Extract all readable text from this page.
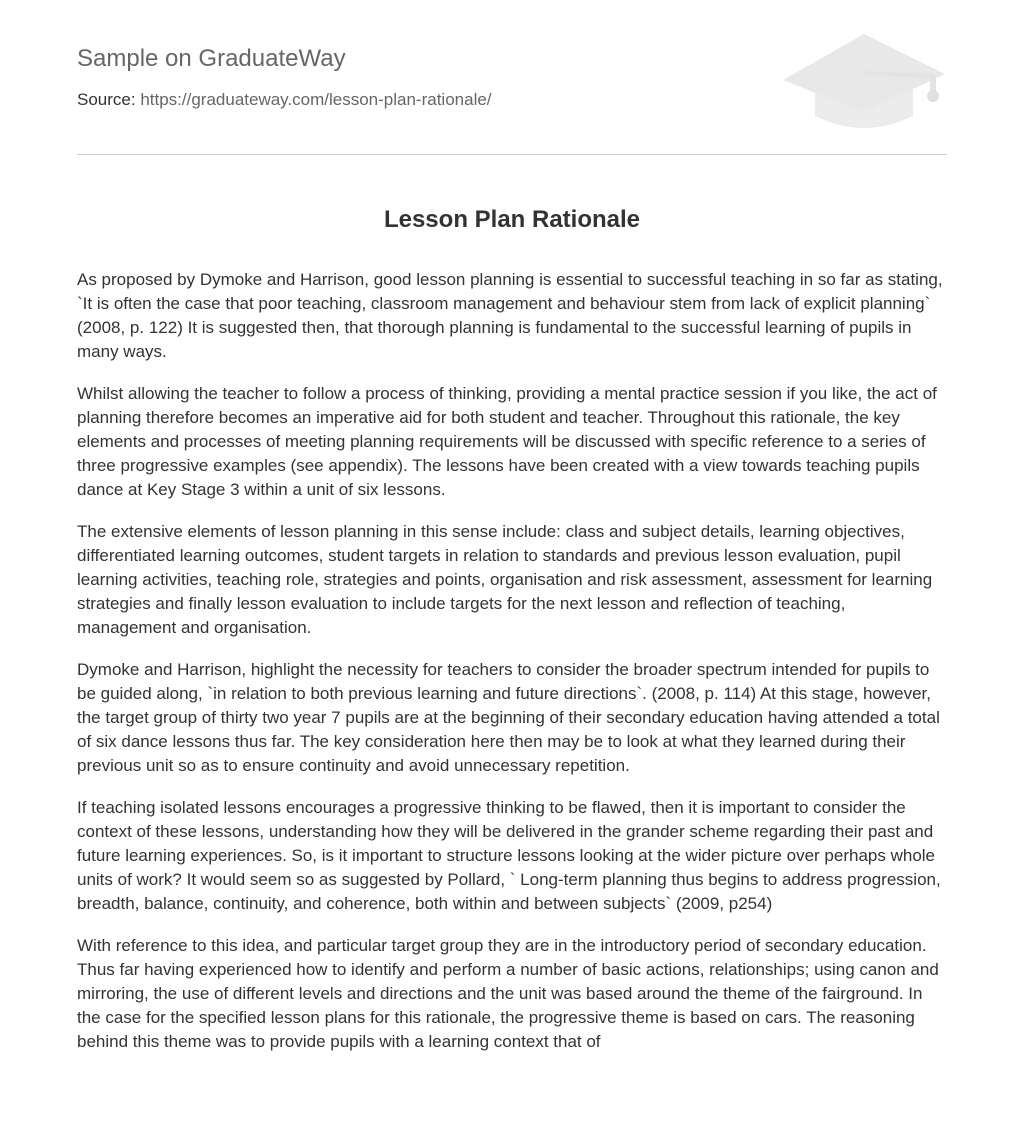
Sample on GraduateWay
Source: https://graduateway.com/lesson-plan-rationale/
Lesson Plan Rationale

As proposed by Dymoke and Harrison, good lesson planning is essential to successful teaching in so far as stating, `It is often the case that poor teaching, classroom management and behaviour stem from lack of explicit planning` (2008, p. 122) It is suggested then, that thorough planning is fundamental to the successful learning of pupils in many ways.

Whilst allowing the teacher to follow a process of thinking, providing a mental practice session if you like, the act of planning therefore becomes an imperative aid for both student and teacher. Throughout this rationale, the key elements and processes of meeting planning requirements will be discussed with specific reference to a series of three progressive examples (see appendix). The lessons have been created with a view towards teaching pupils dance at Key Stage 3 within a unit of six lessons.

The extensive elements of lesson planning in this sense include: class and subject details, learning objectives, differentiated learning outcomes, student targets in relation to standards and previous lesson evaluation, pupil learning activities, teaching role, strategies and points, organisation and risk assessment, assessment for learning strategies and finally lesson evaluation to include targets for the next lesson and reflection of teaching, management and organisation.

Dymoke and Harrison, highlight the necessity for teachers to consider the broader spectrum intended for pupils to be guided along, `in relation to both previous learning and future directions`. (2008, p. 114) At this stage, however, the target group of thirty two year 7 pupils are at the beginning of their secondary education having attended a total of six dance lessons thus far. The key consideration here then may be to look at what they learned during their previous unit so as to ensure continuity and avoid unnecessary repetition.

If teaching isolated lessons encourages a progressive thinking to be flawed, then it is important to consider the context of these lessons, understanding how they will be delivered in the grander scheme regarding their past and future learning experiences. So, is it important to structure lessons looking at the wider picture over perhaps whole units of work? It would seem so as suggested by Pollard, ` Long-term planning thus begins to address progression, breadth, balance, continuity, and coherence, both within and between subjects` (2009, p254)

With reference to this idea, and particular target group they are in the introductory period of secondary education. Thus far having experienced how to identify and perform a number of basic actions, relationships; using canon and mirroring, the use of different levels and directions and the unit was based around the theme of the fairground. In the case for the specified lesson plans for this rationale, the progressive theme is based on cars. The reasoning behind this theme was to provide pupils with a learning context that of
